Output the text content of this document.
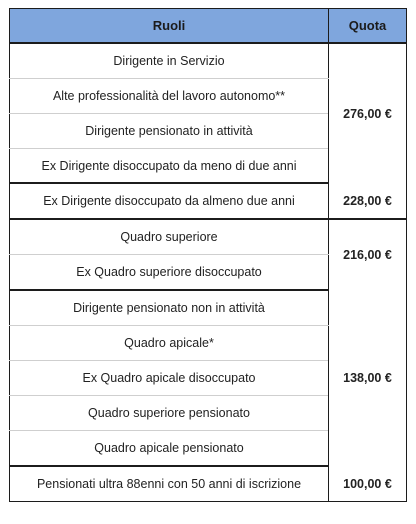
Ruoli	Quota
Dirigente in Servizio	276,00 €
Alte professionalità del lavoro autonomo**	
Dirigente pensionato in attività	
Ex Dirigente disoccupato da meno di due anni	
Ex Dirigente disoccupato da almeno due anni	228,00 €
Quadro superiore	216,00 €
Ex Quadro superiore disoccupato	
Dirigente pensionato non in attività	138,00 €
Quadro apicale*	
Ex Quadro apicale disoccupato	
Quadro superiore pensionato	
Quadro apicale pensionato	
Pensionati ultra 88enni con 50 anni di iscrizione	100,00 €
